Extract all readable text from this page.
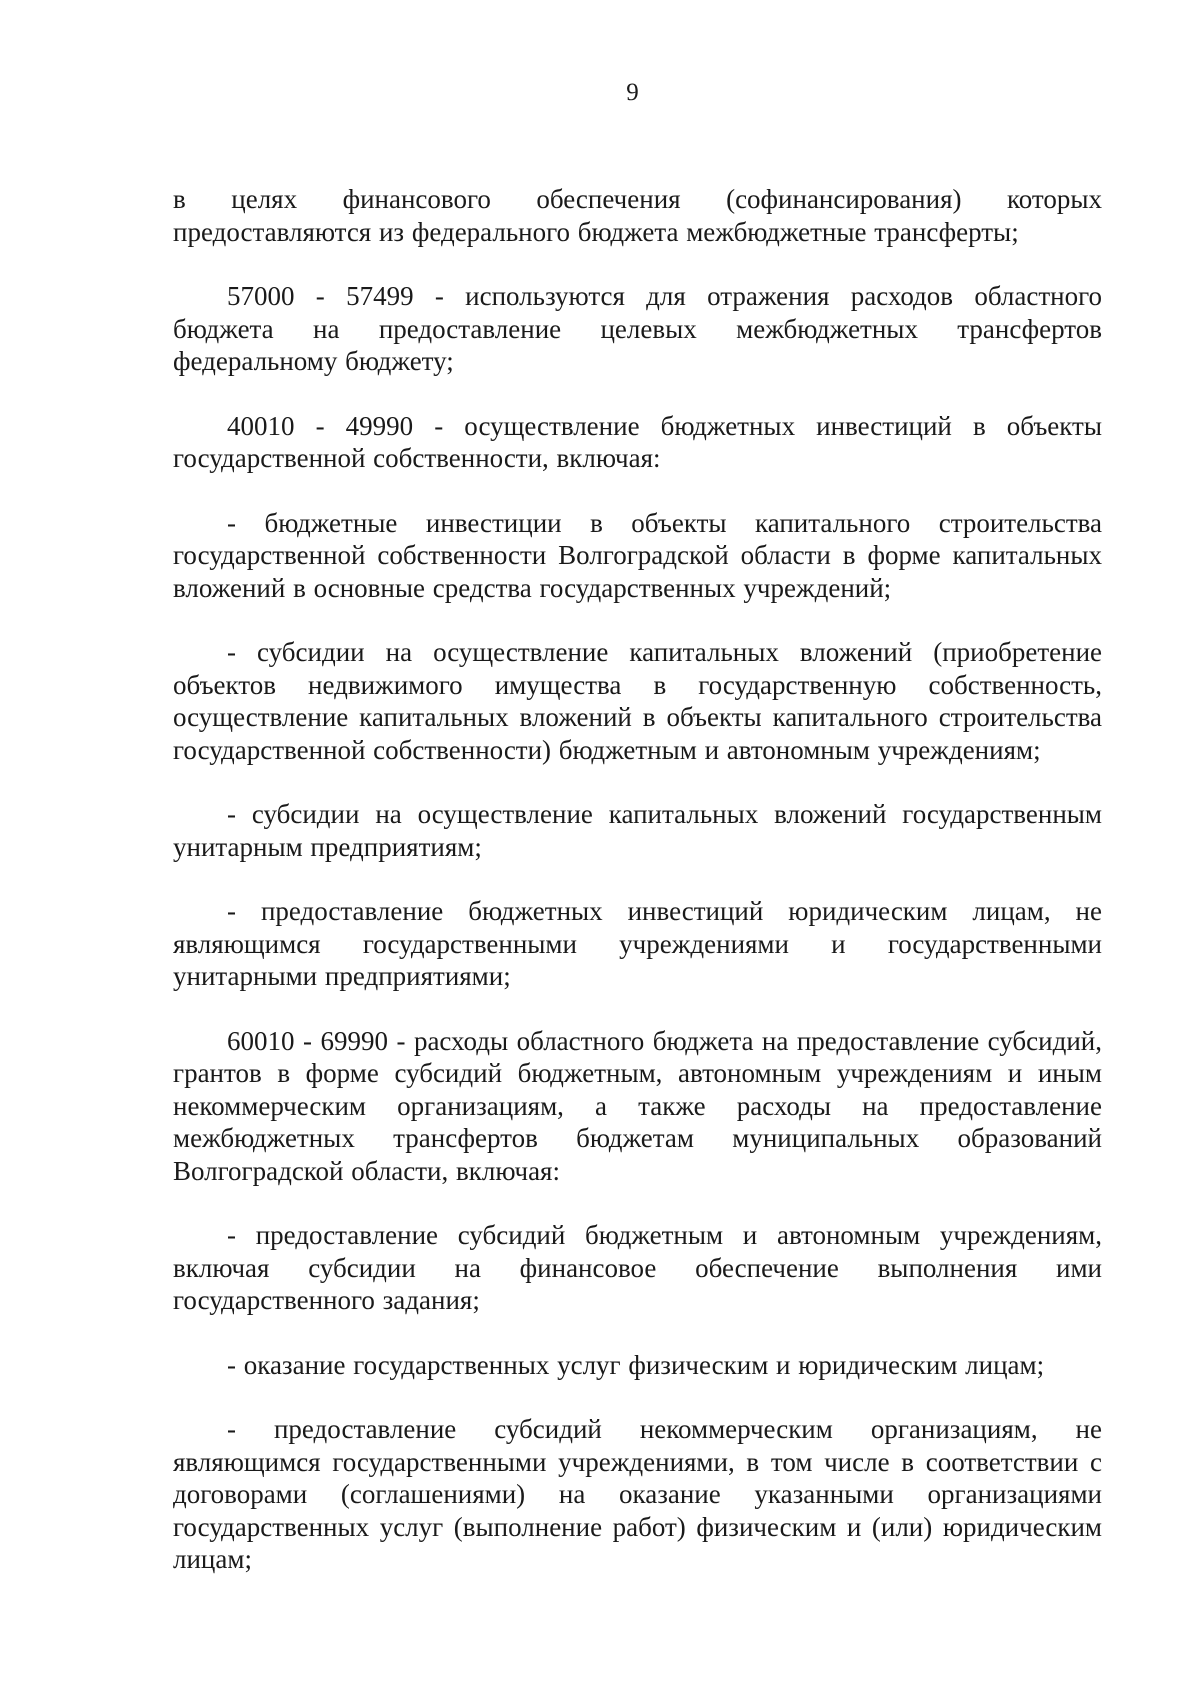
9

в целях финансового обеспечения (софинансирования) которых предоставляются из федерального бюджета межбюджетные трансферты;

57000 - 57499 - используются для отражения расходов областного бюджета на предоставление целевых межбюджетных трансфертов федеральному бюджету;

40010 - 49990 - осуществление бюджетных инвестиций в объекты государственной собственности, включая:

- бюджетные инвестиции в объекты капитального строительства государственной собственности Волгоградской области в форме капитальных вложений в основные средства государственных учреждений;

- субсидии на осуществление капитальных вложений (приобретение объектов недвижимого имущества в государственную собственность, осуществление капитальных вложений в объекты капитального строительства государственной собственности) бюджетным и автономным учреждениям;

- субсидии на осуществление капитальных вложений государственным унитарным предприятиям;

- предоставление бюджетных инвестиций юридическим лицам, не являющимся государственными учреждениями и государственными унитарными предприятиями;

60010 - 69990 - расходы областного бюджета на предоставление субсидий, грантов в форме субсидий бюджетным, автономным учреждениям и иным некоммерческим организациям, а также расходы на предоставление межбюджетных трансфертов бюджетам муниципальных образований Волгоградской области, включая:

- предоставление субсидий бюджетным и автономным учреждениям, включая субсидии на финансовое обеспечение выполнения ими государственного задания;

- оказание государственных услуг физическим и юридическим лицам;

- предоставление субсидий некоммерческим организациям, не являющимся государственными учреждениями, в том числе в соответствии с договорами (соглашениями) на оказание указанными организациями государственных услуг (выполнение работ) физическим и (или) юридическим лицам;
